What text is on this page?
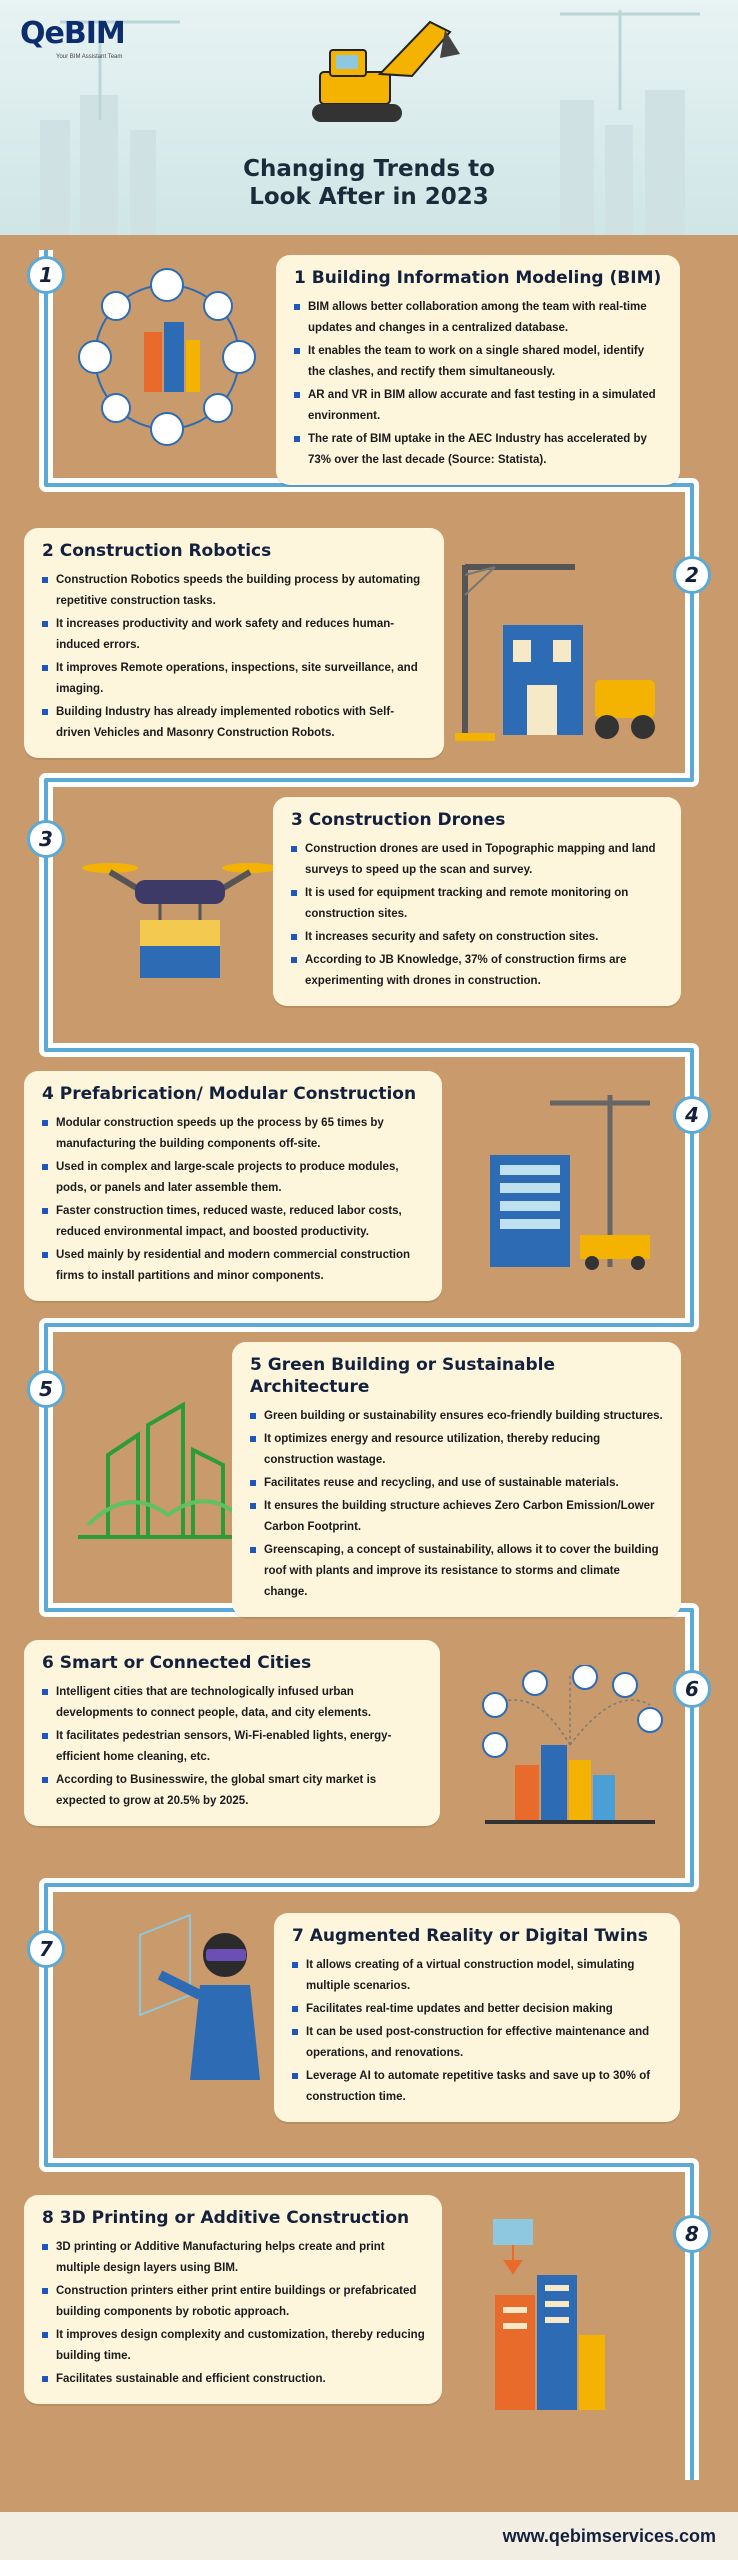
QeBIM
Your BIM Assistant Team
Changing Trends to
Look After in 2023
1	1 Building Information Modeling (BIM)
BIM allows better collaboration among the team with real-time updates and changes in a centralized database.
It enables the team to work on a single shared model, identify the clashes, and rectify them simultaneously.
AR and VR in BIM allow accurate and fast testing in a simulated environment.
The rate of BIM uptake in the AEC Industry has accelerated by 73% over the last decade (Source: Statista).
2 Construction Robotics
Construction Robotics speeds the building process by automating repetitive construction tasks.
It increases productivity and work safety and reduces human-induced errors.
It improves Remote operations, inspections, site surveillance, and imaging.
Building Industry has already implemented robotics with Self-driven Vehicles and Masonry Construction Robots.
2
3
3 Construction Drones
Construction drones are used in Topographic mapping and land surveys to speed up the scan and survey.
It is used for equipment tracking and remote monitoring on construction sites.
It increases security and safety on construction sites.
According to JB Knowledge, 37% of construction firms are experimenting with drones in construction.
4 Prefabrication/ Modular Construction
Modular construction speeds up the process by 65 times by manufacturing the building components off-site.
Used in complex and large-scale projects to produce modules, pods, or panels and later assemble them.
Faster construction times, reduced waste, reduced labor costs, reduced environmental impact, and boosted productivity.
Used mainly by residential and modern commercial construction firms to install partitions and minor components.
4
5
5 Green Building or Sustainable Architecture
Green building or sustainability ensures eco-friendly building structures.
It optimizes energy and resource utilization, thereby reducing construction wastage.
Facilitates reuse and recycling, and use of sustainable materials.
It ensures the building structure achieves Zero Carbon Emission/Lower Carbon Footprint.
Greenscaping, a concept of sustainability, allows it to cover the building roof with plants and improve its resistance to storms and climate change.
6 Smart or Connected Cities
Intelligent cities that are technologically infused urban developments to connect people, data, and city elements.
It facilitates pedestrian sensors, Wi-Fi-enabled lights, energy-efficient home cleaning, etc.
According to Businesswire, the global smart city market is expected to grow at 20.5% by 2025.
6
7
7 Augmented Reality or Digital Twins
It allows creating of a virtual construction model, simulating multiple scenarios.
Facilitates real-time updates and better decision making
It can be used post-construction for effective maintenance and operations, and renovations.
Leverage AI to automate repetitive tasks and save up to 30% of construction time.
8 3D Printing or Additive Construction
3D printing or Additive Manufacturing helps create and print multiple design layers using BIM.
Construction printers either print entire buildings or prefabricated building components by robotic approach.
It improves design complexity and customization, thereby reducing building time.
Facilitates sustainable and efficient construction.
8
www.qebimservices.com
